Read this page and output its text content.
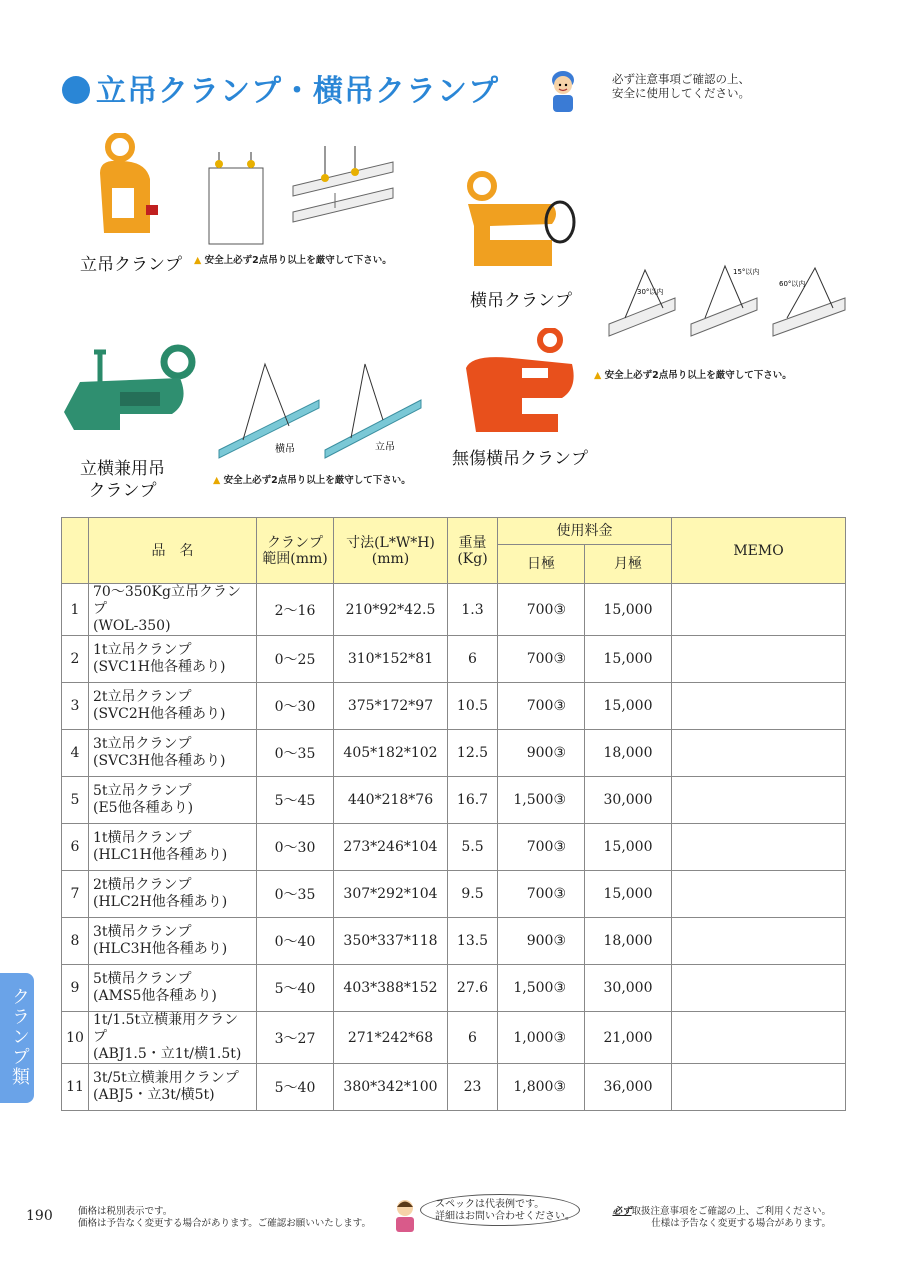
立吊クランプ・横吊クランプ	必ず注意事項ご確認の上、
安全に使用してください。
立吊クランプ ▲ 安全上必ず2点吊り以上を厳守して下さい。
横吊クランプ	30°以内
15°以内
60°以内
▲ 安全上必ず2点吊り以上を厳守して下さい。
立横兼用吊
クランプ
横吊	立吊
▲ 安全上必ず2点吊り以上を厳守して下さい。
無傷横吊クランプ
	品　名	クランプ範囲(mm)	寸法(L*W*H)(mm)	重量(Kg)	使用料金		MEMO
					日極	月極	
1	70～350Kg立吊クランプ
(WOL-350)	2～16	210*92*42.5	1.3	700③	15,000	
2	1t立吊クランプ
(SVC1H他各種あり)	0～25	310*152*81	6	700③	15,000	
3	2t立吊クランプ
(SVC2H他各種あり)	0～30	375*172*97	10.5	700③	15,000	
4	3t立吊クランプ
(SVC3H他各種あり)	0～35	405*182*102	12.5	900③	18,000	
5	5t立吊クランプ
(E5他各種あり)	5～45	440*218*76	16.7	1,500③	30,000	
6	1t横吊クランプ
(HLC1H他各種あり)	0～30	273*246*104	5.5	700③	15,000	
7	2t横吊クランプ
(HLC2H他各種あり)	0～35	307*292*104	9.5	700③	15,000	
8	3t横吊クランプ
(HLC3H他各種あり)	0～40	350*337*118	13.5	900③	18,000	
9	5t横吊クランプ
(AMS5他各種あり)	5～40	403*388*152	27.6	1,500③	30,000	
10	1t/1.5t立横兼用クランプ
(ABJ1.5・立1t/横1.5t)	3～27	271*242*68	6	1,000③	21,000	
11	3t/5t立横兼用クランプ
(ABJ5・立3t/横5t)	5～40	380*342*100	23	1,800③	36,000	
クランプ類
190	価格は税別表示です。
価格は予告なく変更する場合があります。ご確認お願いいたします。
スペックは代表例です。
詳細はお問い合わせください。	必ず取扱注意事項をご確認の上、ご利用ください。
仕様は予告なく変更する場合があります。
